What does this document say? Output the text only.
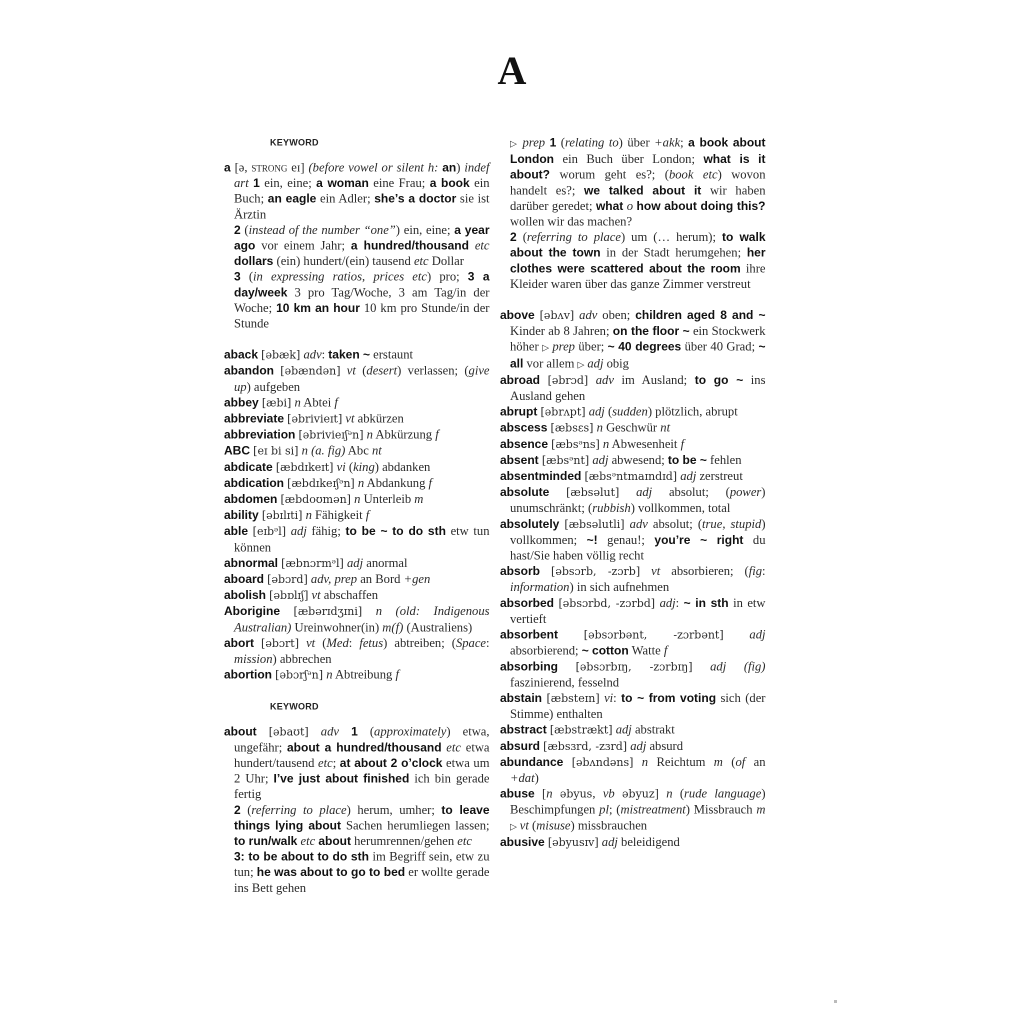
A
KEYWORD

a [ə, strong eɪ] (before vowel or silent h: an) indef art 1 ein, eine; a woman eine Frau; a book ein Buch; an eagle ein Adler; she’s a doctor sie ist Ärztin

2 (instead of the number “one”) ein, eine; a year ago vor einem Jahr; a hundred/thousand etc dollars (ein) hundert/(ein) tausend etc Dollar

3 (in expressing ratios, prices etc) pro; 3 a day/week 3 pro Tag/Woche, 3 am Tag/in der Woche; 10 km an hour 10 km pro Stunde/in der Stunde

aback [əbæk] adv: taken ~ erstaunt

abandon [əbændən] vt (desert) verlassen; (give up) aufgeben

abbey [æbi] n Abtei f

abbreviate [əbrivieɪt] vt abkürzen

abbreviation [əbrivieɪʃᵊn] n Abkürzung f

ABC [eɪ bi si] n (a. fig) Abc nt

abdicate [æbdɪkeɪt] vi (king) abdanken

abdication [æbdɪkeɪʃᵊn] n Abdankung f

abdomen [æbdoʊmən] n Unterleib m

ability [əbɪlɪti] n Fähigkeit f

able [eɪbᵊl] adj fähig; to be ~ to do sth etw tun können

abnormal [æbnɔrmᵊl] adj anormal

aboard [əbɔrd] adv, prep an Bord +gen

abolish [əbɒlɪʃ] vt abschaffen

Aborigine [æbərɪdʒɪni] n (old: Indigenous Australian) Ureinwohner(in) m(f) (Australiens)

abort [əbɔrt] vt (Med: fetus) abtreiben; (Space: mission) abbrechen

abortion [əbɔrʃᵊn] n Abtreibung f

KEYWORD

about [əbaʊt] adv 1 (approximately) etwa, ungefähr; about a hundred/thousand etc etwa hundert/tausend etc; at about 2 o’clock etwa um 2 Uhr; I’ve just about finished ich bin gerade fertig

2 (referring to place) herum, umher; to leave things lying about Sachen herumliegen lassen; to run/walk etc about herumrennen/gehen etc

3: to be about to do sth im Begriff sein, etw zu tun; he was about to go to bed er wollte gerade ins Bett gehen

▷ prep 1 (relating to) über +akk; a book about London ein Buch über London; what is it about? worum geht es?; (book etc) wovon handelt es?; we talked about it wir haben darüber geredet; what o how about doing this? wollen wir das machen?

2 (referring to place) um (… herum); to walk about the town in der Stadt herumgehen; her clothes were scattered about the room ihre Kleider waren über das ganze Zimmer verstreut

above [əbʌv] adv oben; children aged 8 and ~ Kinder ab 8 Jahren; on the floor ~ ein Stockwerk höher ▷ prep über; ~ 40 degrees über 40 Grad; ~ all vor allem ▷ adj obig

abroad [əbrɔd] adv im Ausland; to go ~ ins Ausland gehen

abrupt [əbrʌpt] adj (sudden) plötzlich, abrupt

abscess [æbsɛs] n Geschwür nt

absence [æbsᵊns] n Abwesenheit f

absent [æbsᵊnt] adj abwesend; to be ~ fehlen

absentminded [æbsᵊntmaɪndɪd] adj zerstreut

absolute [æbsəlut] adj absolut; (power) unumschränkt; (rubbish) vollkommen, total

absolutely [æbsəlutli] adv absolut; (true, stupid) vollkommen; ~! genau!; you’re ~ right du hast/Sie haben völlig recht

absorb [əbsɔrb, -zɔrb] vt absorbieren; (fig: information) in sich aufnehmen

absorbed [əbsɔrbd, -zɔrbd] adj: ~ in sth in etw vertieft

absorbent [əbsɔrbənt, -zɔrbənt] adj absorbierend; ~ cotton Watte f

absorbing [əbsɔrbɪŋ, -zɔrbɪŋ] adj (fig) faszinierend, fesselnd

abstain [æbsteɪn] vi: to ~ from voting sich (der Stimme) enthalten

abstract [æbstrækt] adj abstrakt

absurd [æbsɜrd, -zɜrd] adj absurd

abundance [əbʌndəns] n Reichtum m (of an +dat)

abuse [n əbyus, vb əbyuz] n (rude language) Beschimpfungen pl; (mistreatment) Missbrauch m ▷ vt (misuse) missbrauchen

abusive [əbyusɪv] adj beleidigend
